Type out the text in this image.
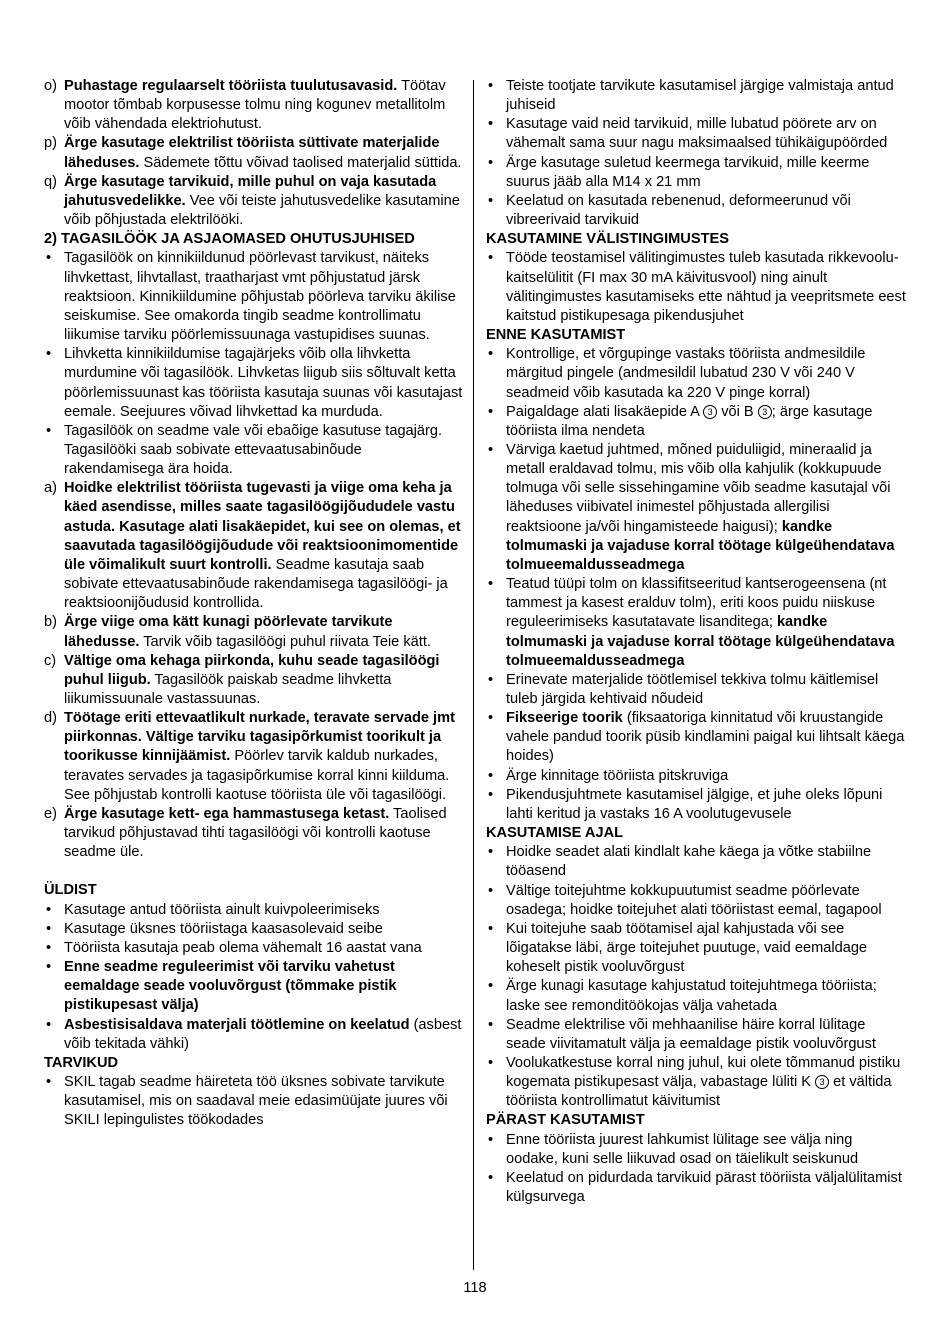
o) Puhastage regulaarselt tööriista tuulutusavasid. Töötav mootor tõmbab korpusesse tolmu ning kogunev metallitolm võib vähendada elektriohutust.
p) Ärge kasutage elektrilist tööriista süttivate materjalide läheduses. Sädemete tõttu võivad taolised materjalid süttida.
q) Ärge kasutage tarvikuid, mille puhul on vaja kasutada jahutusvedelikke. Vee või teiste jahutusvedelike kasutamine võib põhjustada elektrilööki.
2) TAGASILÖÖK JA ASJAOMASED OHUTUSJUHISED
• Tagasilöök on kinnikiildunud pöörlevast tarvikust, näiteks lihvkettast, lihvtallast, traatharjast vmt põhjustatud järsk reaktsioon. Kinnikiildumine põhjustab pöörleva tarviku äkilise seiskumise. See omakorda tingib seadme kontrollimatu liikumise tarviku pöörlemissuunaga vastupidises suunas.
• Lihvketta kinnikiildumise tagajärjeks võib olla lihvketta murdumine või tagasilöök. Lihvketas liigub siis sõltuvalt ketta pöörlemissuunast kas tööriista kasutaja suunas või kasutajast eemale. Seejuures võivad lihvkettad ka murduda.
• Tagasilöök on seadme vale või ebaõige kasutuse tagajärg. Tagasilööki saab sobivate ettevaatusabinõude rakendamisega ära hoida.
a) Hoidke elektrilist tööriista tugevasti ja viige oma keha ja käed asendisse, milles saate tagasilöögijõududele vastu astuda. Kasutage alati lisakäepidet, kui see on olemas, et saavutada tagasilöögijõudude või reaktsioonimomentide üle võimalikult suurt kontrolli. Seadme kasutaja saab sobivate ettevaatusabinõude rakendamisega tagasilöögi- ja reaktsioonijõudusid kontrollida.
b) Ärge viige oma kätt kunagi pöörlevate tarvikute lähedusse. Tarvik võib tagasilöögi puhul riivata Teie kätt.
c) Vältige oma kehaga piirkonda, kuhu seade tagasilöögi puhul liigub. Tagasilöök paiskab seadme lihvketta liikumissuunale vastassuunas.
d) Töötage eriti ettevaatlikult nurkade, teravate servade jmt piirkonnas. Vältige tarviku tagasipõrkumist toorikult ja toorikusse kinnijäämist. Pöörlev tarvik kaldub nurkades, teravates servades ja tagasipõrkumise korral kinni kiilduma. See põhjustab kontrolli kaotuse tööriista üle või tagasilöögi.
e) Ärge kasutage kett- ega hammastusega ketast. Taolised tarvikud põhjustavad tihti tagasilöögi või kontrolli kaotuse seadme üle.
ÜLDIST
• Kasutage antud tööriista ainult kuivpoleerimiseks
• Kasutage üksnes tööriistaga kaasasolevaid seibe
• Tööriista kasutaja peab olema vähemalt 16 aastat vana
• Enne seadme reguleerimist või tarviku vahetust eemaldage seade vooluvõrgust (tõmmake pistik pistikupesast välja)
• Asbestisisaldava materjali töötlemine on keelatud (asbest võib tekitada vähki)
TARVIKUD
• SKIL tagab seadme häireteta töö üksnes sobivate tarvikute kasutamisel, mis on saadaval meie edasimüüjate juures või SKILI lepingulistes töökodades
• Teiste tootjate tarvikute kasutamisel järgige valmistaja antud juhiseid
• Kasutage vaid neid tarvikuid, mille lubatud pöörete arv on vähemalt sama suur nagu maksimaalsed tühikäigupöörded
• Ärge kasutage suletud keermega tarvikuid, mille keerme suurus jääb alla M14 x 21 mm
• Keelatud on kasutada rebenenud, deformeerunud või vibreerivaid tarvikuid
KASUTAMINE VÄLISTINGIMUSTES
• Tööde teostamisel välitingimustes tuleb kasutada rikkevoolu-kaitselülitit (FI max 30 mA käivitusvool) ning ainult välitingimustes kasutamiseks ette nähtud ja veepritsmete eest kaitstud pistikupesaga pikendusjuhet
ENNE KASUTAMIST
• Kontrollige, et võrgupinge vastaks tööriista andmesildile märgitud pingele (andmesildil lubatud 230 V või 240 V seadmeid võib kasutada ka 220 V pinge korral)
• Paigaldage alati lisakäepide A 3 või B 3 ; ärge kasutage tööriista ilma nendeta
• Värviga kaetud juhtmed, mõned puiduliigid, mineraalid ja metall eraldavad tolmu, mis võib olla kahjulik (kokkupuude tolmuga või selle sissehingamine võib seadme kasutajal või läheduses viibivatel inimestel põhjustada allergilisi reaktsioone ja/või hingamisteede haigusi); kandke tolmumaski ja vajaduse korral töötage külgeühendatava tolmueemaldusseadmega
• Teatud tüüpi tolm on klassifitseeritud kantserogeensena (nt tammest ja kasest eralduv tolm), eriti koos puidu niiskuse reguleerimiseks kasutatavate lisanditega; kandke tolmumaski ja vajaduse korral töötage külgeühendatava tolmueemaldusseadmega
• Erinevate materjalide töötlemisel tekkiva tolmu käitlemisel tuleb järgida kehtivaid nõudeid
• Fikseerige toorik (fiksaatoriga kinnitatud või kruustangide vahele pandud toorik püsib kindlamini paigal kui lihtsalt käega hoides)
• Ärge kinnitage tööriista pitskruviga
• Pikendusjuhtmete kasutamisel jälgige, et juhe oleks lõpuni lahti keritud ja vastaks 16 A voolutugevusele
KASUTAMISE AJAL
• Hoidke seadet alati kindlalt kahe käega ja võtke stabiilne tööasend
• Vältige toitejuhtme kokkupuutumist seadme pöörlevate osadega; hoidke toitejuhet alati tööriistast eemal, tagapool
• Kui toitejuhe saab töötamisel ajal kahjustada või see lõigatakse läbi, ärge toitejuhet puutuge, vaid eemaldage koheselt pistik vooluvõrgust
• Ärge kunagi kasutage kahjustatud toitejuhtmega tööriista; laske see remonditöökojas välja vahetada
• Seadme elektrilise või mehhaanilise häire korral lülitage seade viivitamatult välja ja eemaldage pistik vooluvõrgust
• Voolukatkestuse korral ning juhul, kui olete tõmmanud pistiku kogemata pistikupesast välja, vabastage lüliti K 3 et vältida tööriista kontrollimatut käivitumist
PÄRAST KASUTAMIST
• Enne tööriista juurest lahkumist lülitage see välja ning oodake, kuni selle liikuvad osad on täielikult seiskunud
• Keelatud on pidurdada tarvikuid pärast tööriista väljalülitamist külgsurvega
118
